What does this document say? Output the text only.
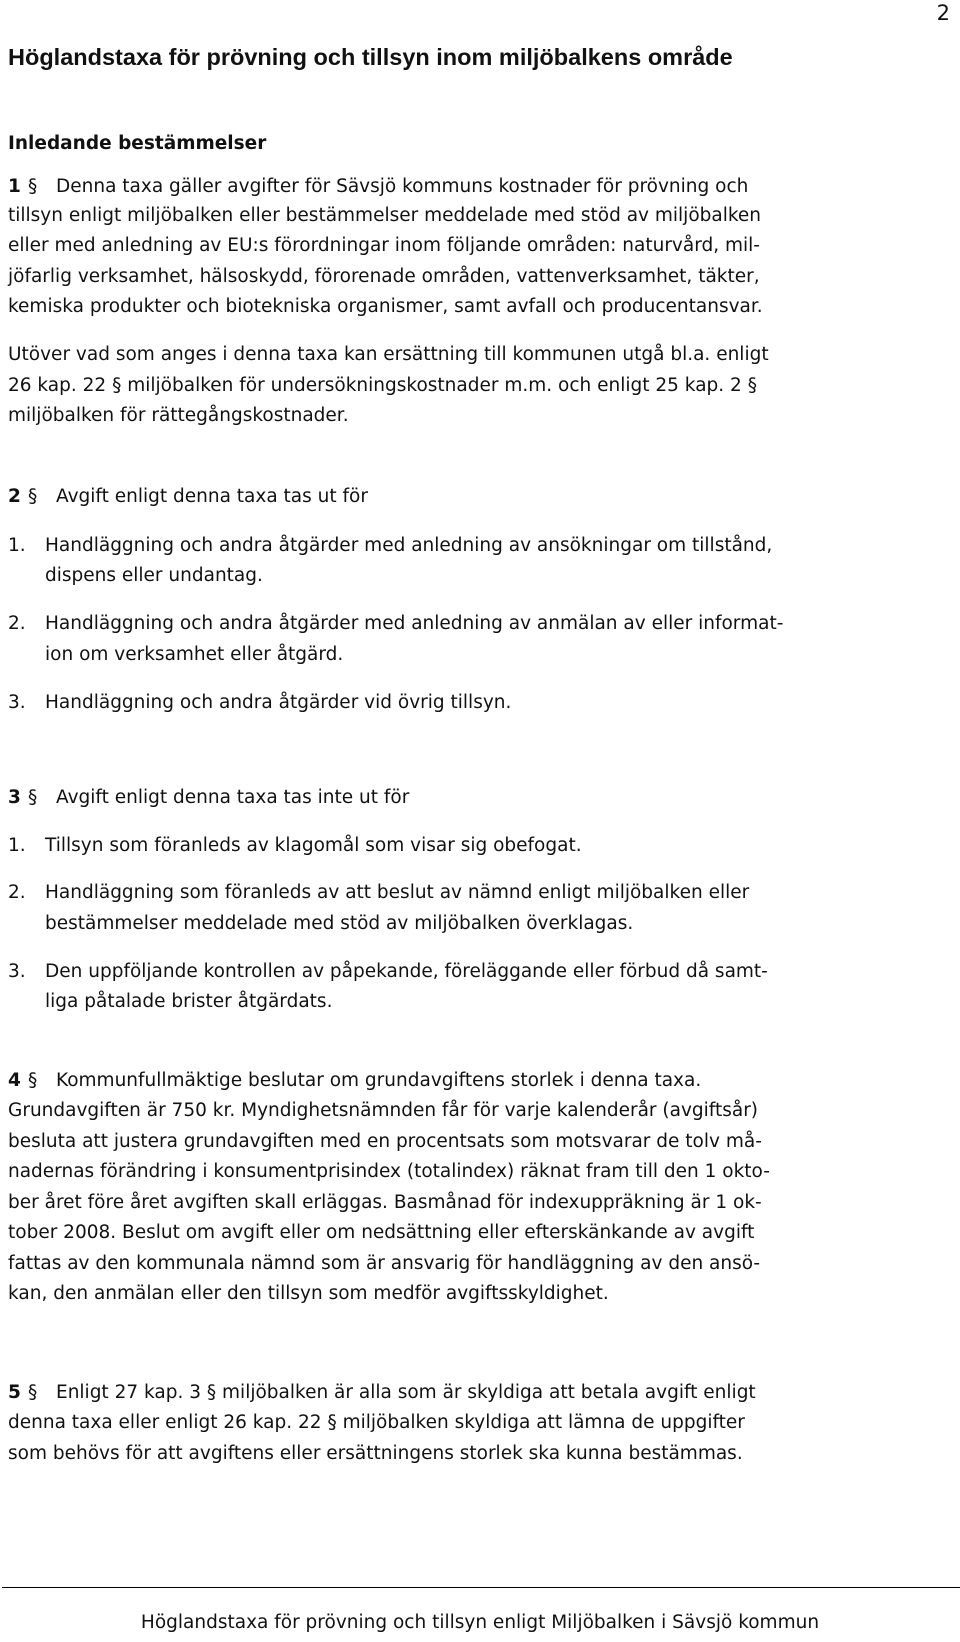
2
Höglandstaxa för prövning och tillsyn inom miljöbalkens område
Inledande bestämmelser
1 § Denna taxa gäller avgifter för Sävsjö kommuns kostnader för prövning och
tillsyn enligt miljöbalken eller bestämmelser meddelade med stöd av miljöbalken
eller med anledning av EU:s förordningar inom följande områden: naturvård, mil-
jöfarlig verksamhet, hälsoskydd, förorenade områden, vattenverksamhet, täkter,
kemiska produkter och biotekniska organismer, samt avfall och producentansvar.
Utöver vad som anges i denna taxa kan ersättning till kommunen utgå bl.a. enligt
26 kap. 22 § miljöbalken för undersökningskostnader m.m. och enligt 25 kap. 2 §
miljöbalken för rättegångskostnader.
2 § Avgift enligt denna taxa tas ut för
1. Handläggning och andra åtgärder med anledning av ansökningar om tillstånd,
dispens eller undantag.
2. Handläggning och andra åtgärder med anledning av anmälan av eller informat-
ion om verksamhet eller åtgärd.
3. Handläggning och andra åtgärder vid övrig tillsyn.
3 § Avgift enligt denna taxa tas inte ut för
1. Tillsyn som föranleds av klagomål som visar sig obefogat.
2. Handläggning som föranleds av att beslut av nämnd enligt miljöbalken eller
bestämmelser meddelade med stöd av miljöbalken överklagas.
3. Den uppföljande kontrollen av påpekande, föreläggande eller förbud då samt-
liga påtalade brister åtgärdats.
4 § Kommunfullmäktige beslutar om grundavgiftens storlek i denna taxa.
Grundavgiften är 750 kr. Myndighetsnämnden får för varje kalenderår (avgiftsår)
besluta att justera grundavgiften med en procentsats som motsvarar de tolv må-
nadernas förändring i konsumentprisindex (totalindex) räknat fram till den 1 okto-
ber året före året avgiften skall erläggas. Basmånad för indexuppräkning är 1 ok-
tober 2008. Beslut om avgift eller om nedsättning eller efterskänkande av avgift
fattas av den kommunala nämnd som är ansvarig för handläggning av den ansö-
kan, den anmälan eller den tillsyn som medför avgiftsskyldighet.
5 § Enligt 27 kap. 3 § miljöbalken är alla som är skyldiga att betala avgift enligt
denna taxa eller enligt 26 kap. 22 § miljöbalken skyldiga att lämna de uppgifter
som behövs för att avgiftens eller ersättningens storlek ska kunna bestämmas.
Höglandstaxa för prövning och tillsyn enligt Miljöbalken i Sävsjö kommun
